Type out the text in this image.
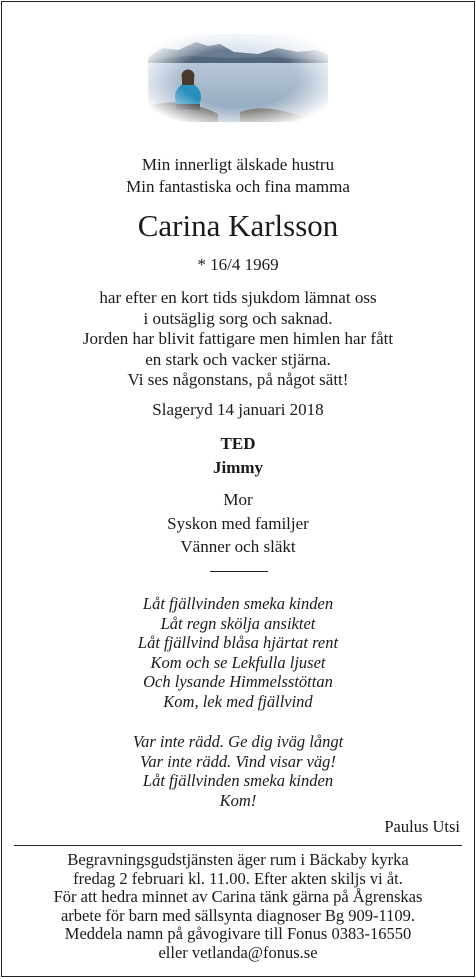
Min innerligt älskade hustru
Min fantastiska och fina mamma
Carina Karlsson
* 16/4 1969
har efter en kort tids sjukdom lämnat oss
i outsäglig sorg och saknad.
Jorden har blivit fattigare men himlen har fått
en stark och vacker stjärna.
Vi ses någonstans, på något sätt!
Slageryd 14 januari 2018
TED
Jimmy
Mor
Syskon med familjer
Vänner och släkt
Låt fjällvinden smeka kinden
Låt regn skölja ansiktet
Låt fjällvind blåsa hjärtat rent
Kom och se Lekfulla ljuset
Och lysande Himmelsstöttan
Kom, lek med fjällvind
Var inte rädd. Ge dig iväg långt
Var inte rädd. Vind visar väg!
Låt fjällvinden smeka kinden
Kom!
Paulus Utsi
Begravningsgudstjänsten äger rum i Bäckaby kyrka
fredag 2 februari kl. 11.00. Efter akten skiljs vi åt.
För att hedra minnet av Carina tänk gärna på Ågrenskas
arbete för barn med sällsynta diagnoser Bg 909-1109.
Meddela namn på gåvogivare till Fonus 0383-16550
eller vetlanda@fonus.se
